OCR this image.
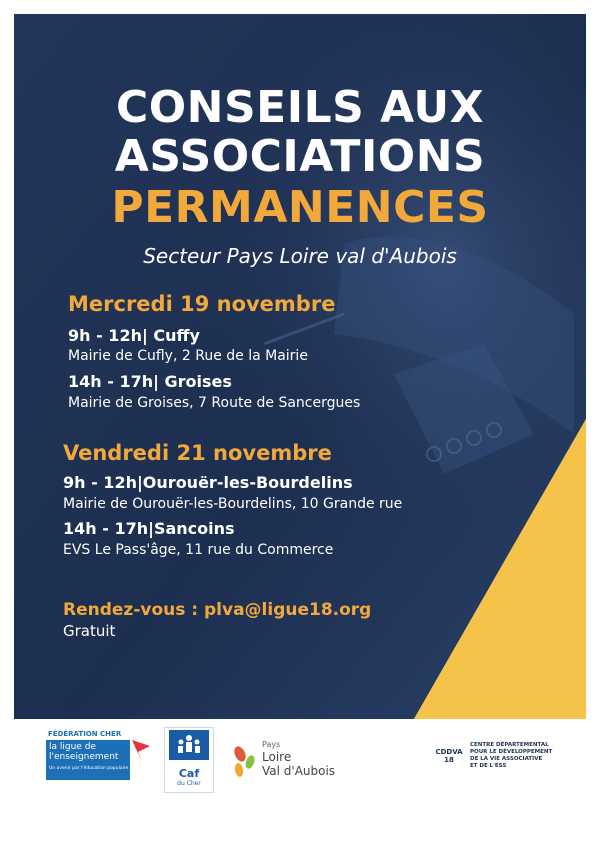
CONSEILS AUX
ASSOCIATIONS
PERMANENCES
Secteur Pays Loire val d'Aubois
Mercredi 19 novembre
9h - 12h| Cuffy
Mairie de Cufly, 2 Rue de la Mairie
14h - 17h| Groises
Mairie de Groises, 7 Route de Sancergues
Vendredi 21 novembre
9h - 12h|Ourouër-les-Bourdelins
Mairie de Ourouër-les-Bourdelins, 10 Grande rue
14h - 17h|Sancoins
EVS Le Pass'âge, 11 rue du Commerce
Rendez-vous : plva@ligue18.org
Gratuit
FÉDÉRATION CHER
la ligue de
l'enseignement
Un avenir par l'éducation populaire	Caf
du Cher
Pays
Loire
Val d'Aubois
CDDVA
18
CENTRE DÉPARTEMENTAL
POUR LE DÉVELOPPEMENT
DE LA VIE ASSOCIATIVE
ET DE L'ESS
